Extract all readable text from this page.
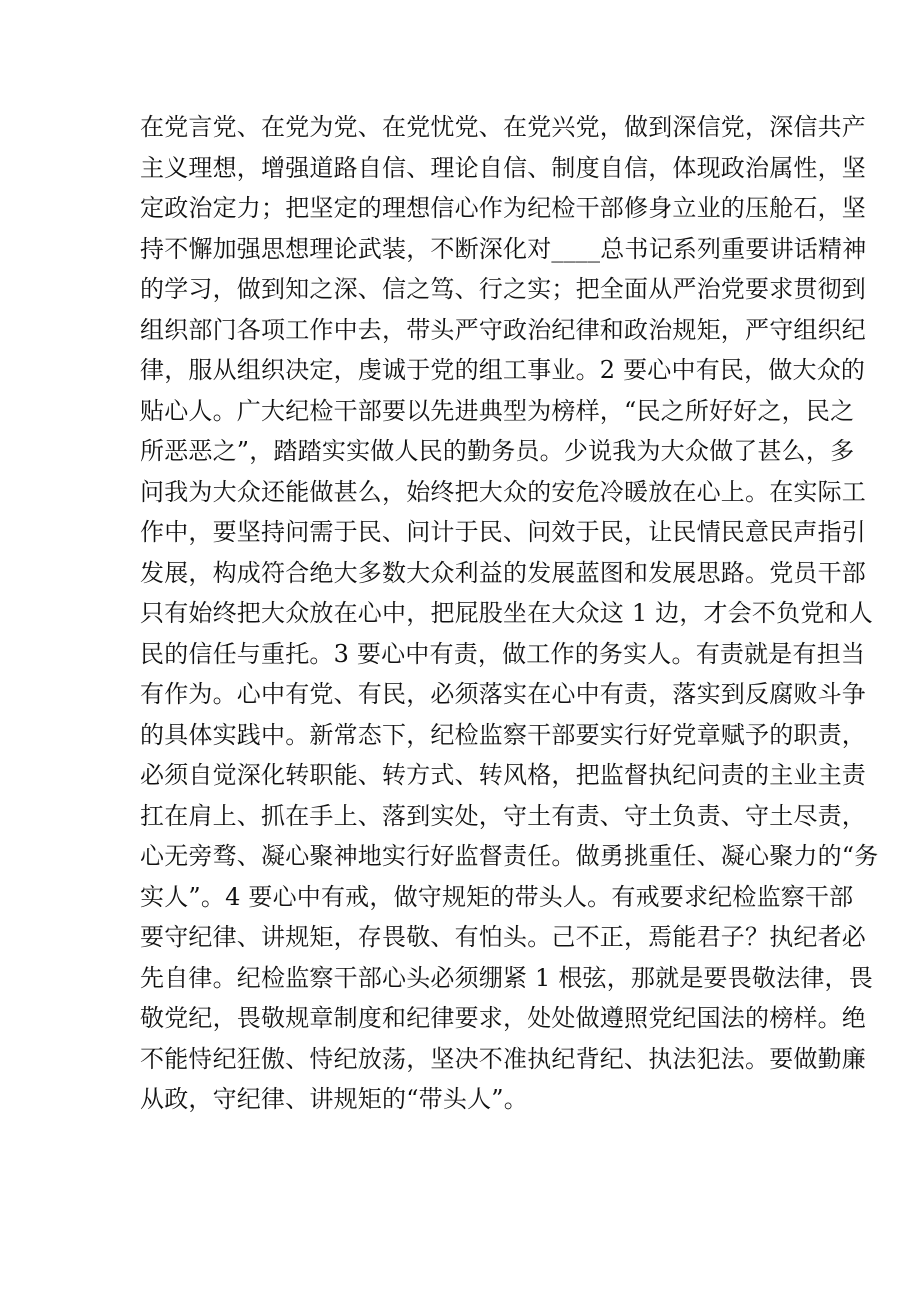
在党言党、在党为党、在党忧党、在党兴党，做到深信党，深信共产
主义理想，增强道路自信、理论自信、制度自信，体现政治属性，坚
定政治定力；把坚定的理想信心作为纪检干部修身立业的压舱石，坚
持不懈加强思想理论武装，不断深化对____总书记系列重要讲话精神
的学习，做到知之深、信之笃、行之实；把全面从严治党要求贯彻到
组织部门各项工作中去，带头严守政治纪律和政治规矩，严守组织纪
律，服从组织决定，虔诚于党的组工事业。2 要心中有民，做大众的
贴心人。广大纪检干部要以先进典型为榜样，“民之所好好之，民之
所恶恶之”，踏踏实实做人民的勤务员。少说我为大众做了甚么，多
问我为大众还能做甚么，始终把大众的安危冷暖放在心上。在实际工
作中，要坚持问需于民、问计于民、问效于民，让民情民意民声指引
发展，构成符合绝大多数大众利益的发展蓝图和发展思路。党员干部
只有始终把大众放在心中，把屁股坐在大众这 1 边，才会不负党和人
民的信任与重托。3 要心中有责，做工作的务实人。有责就是有担当
有作为。心中有党、有民，必须落实在心中有责，落实到反腐败斗争
的具体实践中。新常态下，纪检监察干部要实行好党章赋予的职责，
必须自觉深化转职能、转方式、转风格，把监督执纪问责的主业主责
扛在肩上、抓在手上、落到实处，守土有责、守土负责、守土尽责，
心无旁骛、凝心聚神地实行好监督责任。做勇挑重任、凝心聚力的“务
实人”。4 要心中有戒，做守规矩的带头人。有戒要求纪检监察干部
要守纪律、讲规矩，存畏敬、有怕头。己不正，焉能君子？执纪者必
先自律。纪检监察干部心头必须绷紧 1 根弦，那就是要畏敬法律，畏
敬党纪，畏敬规章制度和纪律要求，处处做遵照党纪国法的榜样。绝
不能恃纪狂傲、恃纪放荡，坚决不准执纪背纪、执法犯法。要做勤廉
从政，守纪律、讲规矩的“带头人”。
